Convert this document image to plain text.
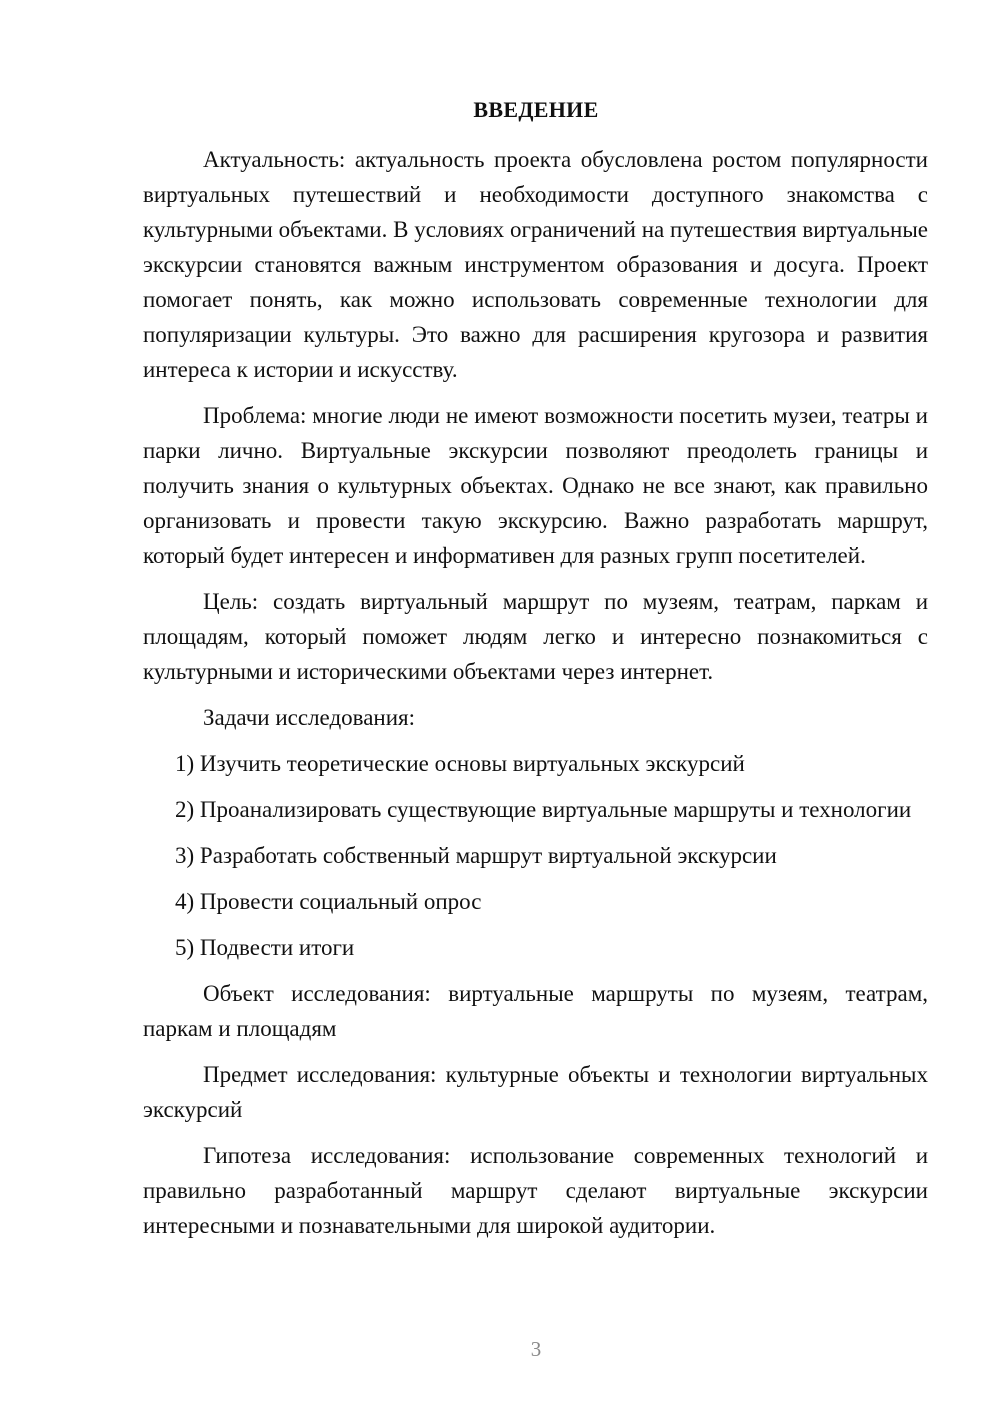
ВВЕДЕНИЕ

Актуальность: актуальность проекта обусловлена ростом популярности виртуальных путешествий и необходимости доступного знакомства с культурными объектами. В условиях ограничений на путешествия виртуальные экскурсии становятся важным инструментом образования и досуга. Проект помогает понять, как можно использовать современные технологии для популяризации культуры. Это важно для расширения кругозора и развития интереса к истории и искусству.

Проблема: многие люди не имеют возможности посетить музеи, театры и парки лично. Виртуальные экскурсии позволяют преодолеть границы и получить знания о культурных объектах. Однако не все знают, как правильно организовать и провести такую экскурсию. Важно разработать маршрут, который будет интересен и информативен для разных групп посетителей.

Цель: создать виртуальный маршрут по музеям, театрам, паркам и площадям, который поможет людям легко и интересно познакомиться с культурными и историческими объектами через интернет.

Задачи исследования:

1) Изучить теоретические основы виртуальных экскурсий

2) Проанализировать существующие виртуальные маршруты и технологии

3) Разработать собственный маршрут виртуальной экскурсии

4) Провести социальный опрос

5) Подвести итоги

Объект исследования: виртуальные маршруты по музеям, театрам, паркам и площадям

Предмет исследования: культурные объекты и технологии виртуальных экскурсий

Гипотеза исследования: использование современных технологий и правильно разработанный маршрут сделают виртуальные экскурсии интересными и познавательными для широкой аудитории.

3
